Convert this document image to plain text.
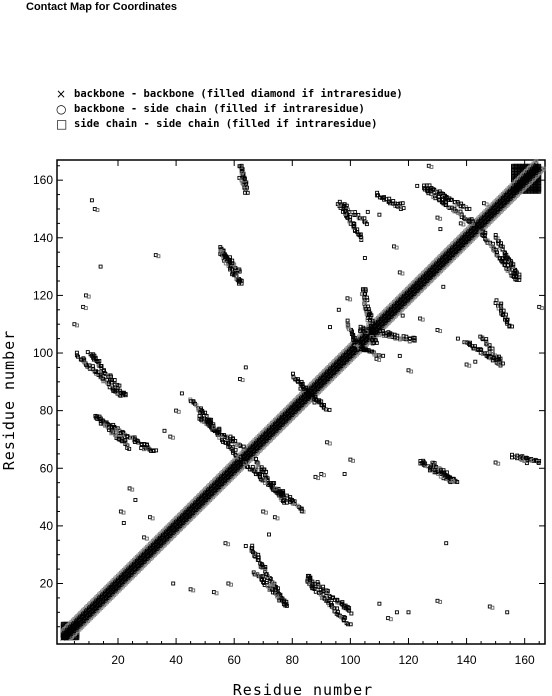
Contact Map for Coordinates
× backbone - backbone (filled diamond if intraresidue)
○ backbone - side chain (filled if intraresidue)
□ side chain - side chain (filled if intraresidue)
20	40	60	80	100	120	140	160
20
40
60
80
100
120
140
160
Residue number
Residue number
